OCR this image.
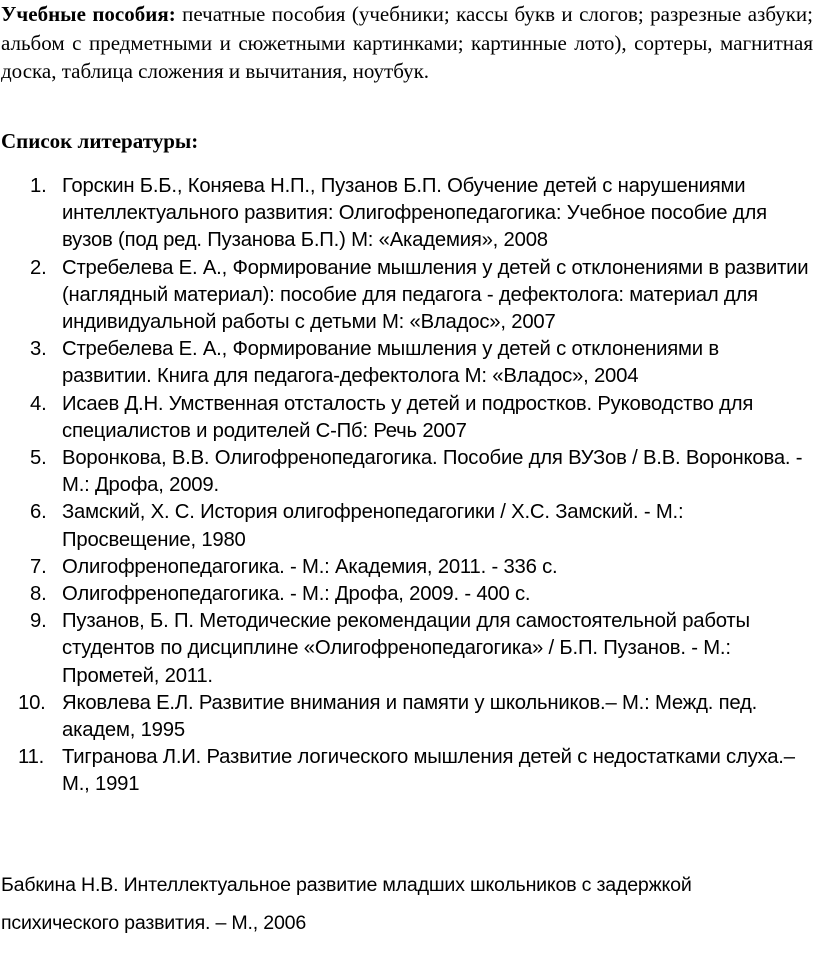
Учебные пособия: печатные пособия (учебники; кассы букв и слогов; разрезные азбуки; альбом с предметными и сюжетными картинками; картинные лото), сортеры, магнитная доска, таблица сложения и вычитания, ноутбук.

Список литературы:
1. Горскин Б.Б., Коняева Н.П., Пузанов Б.П. Обучение детей с нарушениями интеллектуального развития: Олигофренопедагогика: Учебное пособие для вузов (под ред. Пузанова Б.П.) М: «Академия», 2008
2. Стребелева Е. А., Формирование мышления у детей с отклонениями в развитии (наглядный материал): пособие для педагога - дефектолога: материал для индивидуальной работы с детьми М: «Владос», 2007
3. Стребелева Е. А., Формирование мышления у детей с отклонениями в развитии. Книга для педагога-дефектолога М: «Владос», 2004
4. Исаев Д.Н. Умственная отсталость у детей и подростков. Руководство для специалистов и родителей С-Пб: Речь 2007
5. Воронкова, В.В. Олигофренопедагогика. Пособие для ВУЗов / В.В. Воронкова. - М.: Дрофа, 2009.
6. Замский, Х. С. История олигофренопедагогики / Х.С. Замский. - М.: Просвещение, 1980
7. Олигофренопедагогика. - М.: Академия, 2011. - 336 с.
8. Олигофренопедагогика. - М.: Дрофа, 2009. - 400 с.
9. Пузанов, Б. П. Методические рекомендации для самостоятельной работы студентов по дисциплине «Олигофренопедагогика» / Б.П. Пузанов. - М.: Прометей, 2011.
10. Яковлева Е.Л. Развитие внимания и памяти у школьников.– М.: Межд. пед. академ, 1995
11. Тигранова Л.И. Развитие логического мышления детей с недостатками слуха.– М., 1991

Бабкина Н.В. Интеллектуальное развитие младших школьников с задержкой психического развития. – М., 2006
